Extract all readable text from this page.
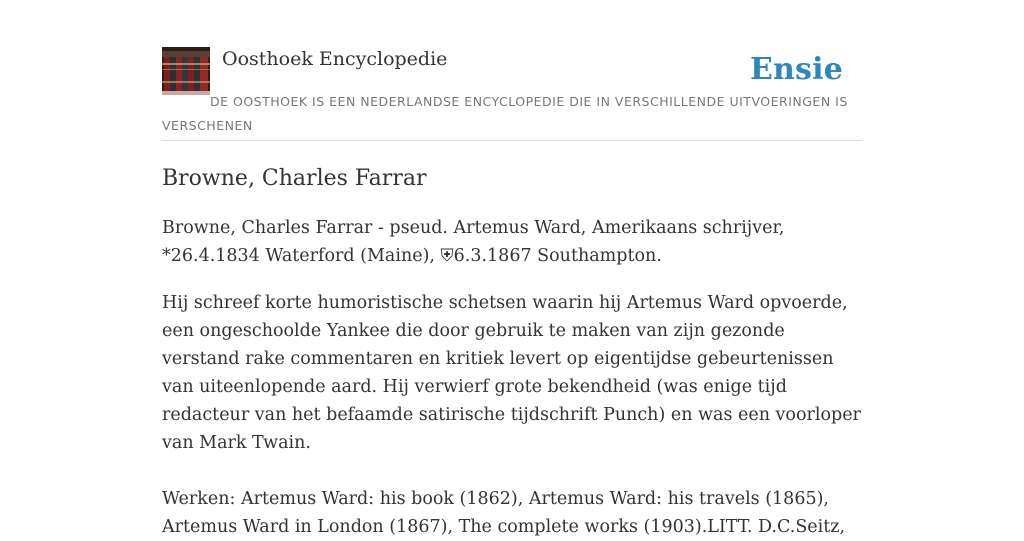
Oosthoek Encyclopedie	Ensie
DE OOSTHOEK IS EEN NEDERLANDSE ENCYCLOPEDIE DIE IN VERSCHILLENDE UITVOERINGEN IS VERSCHENEN
Browne, Charles Farrar

Browne, Charles Farrar - pseud. Artemus Ward, Amerikaans schrijver, *26.4.1834 Waterford (Maine), ⛨6.3.1867 Southampton.

Hij schreef korte humoristische schetsen waarin hij Artemus Ward opvoerde, een ongeschoolde Yankee die door gebruik te maken van zijn gezonde verstand rake commentaren en kritiek levert op eigentijdse gebeurtenissen van uiteenlopende aard. Hij verwierf grote bekendheid (was enige tijd redacteur van het befaamde satirische tijdschrift Punch) en was een voorloper van Mark Twain.

Werken: Artemus Ward: his book (1862), Artemus Ward: his travels (1865), Artemus Ward in London (1867), The complete works (1903).LITT. D.C.Seitz,
